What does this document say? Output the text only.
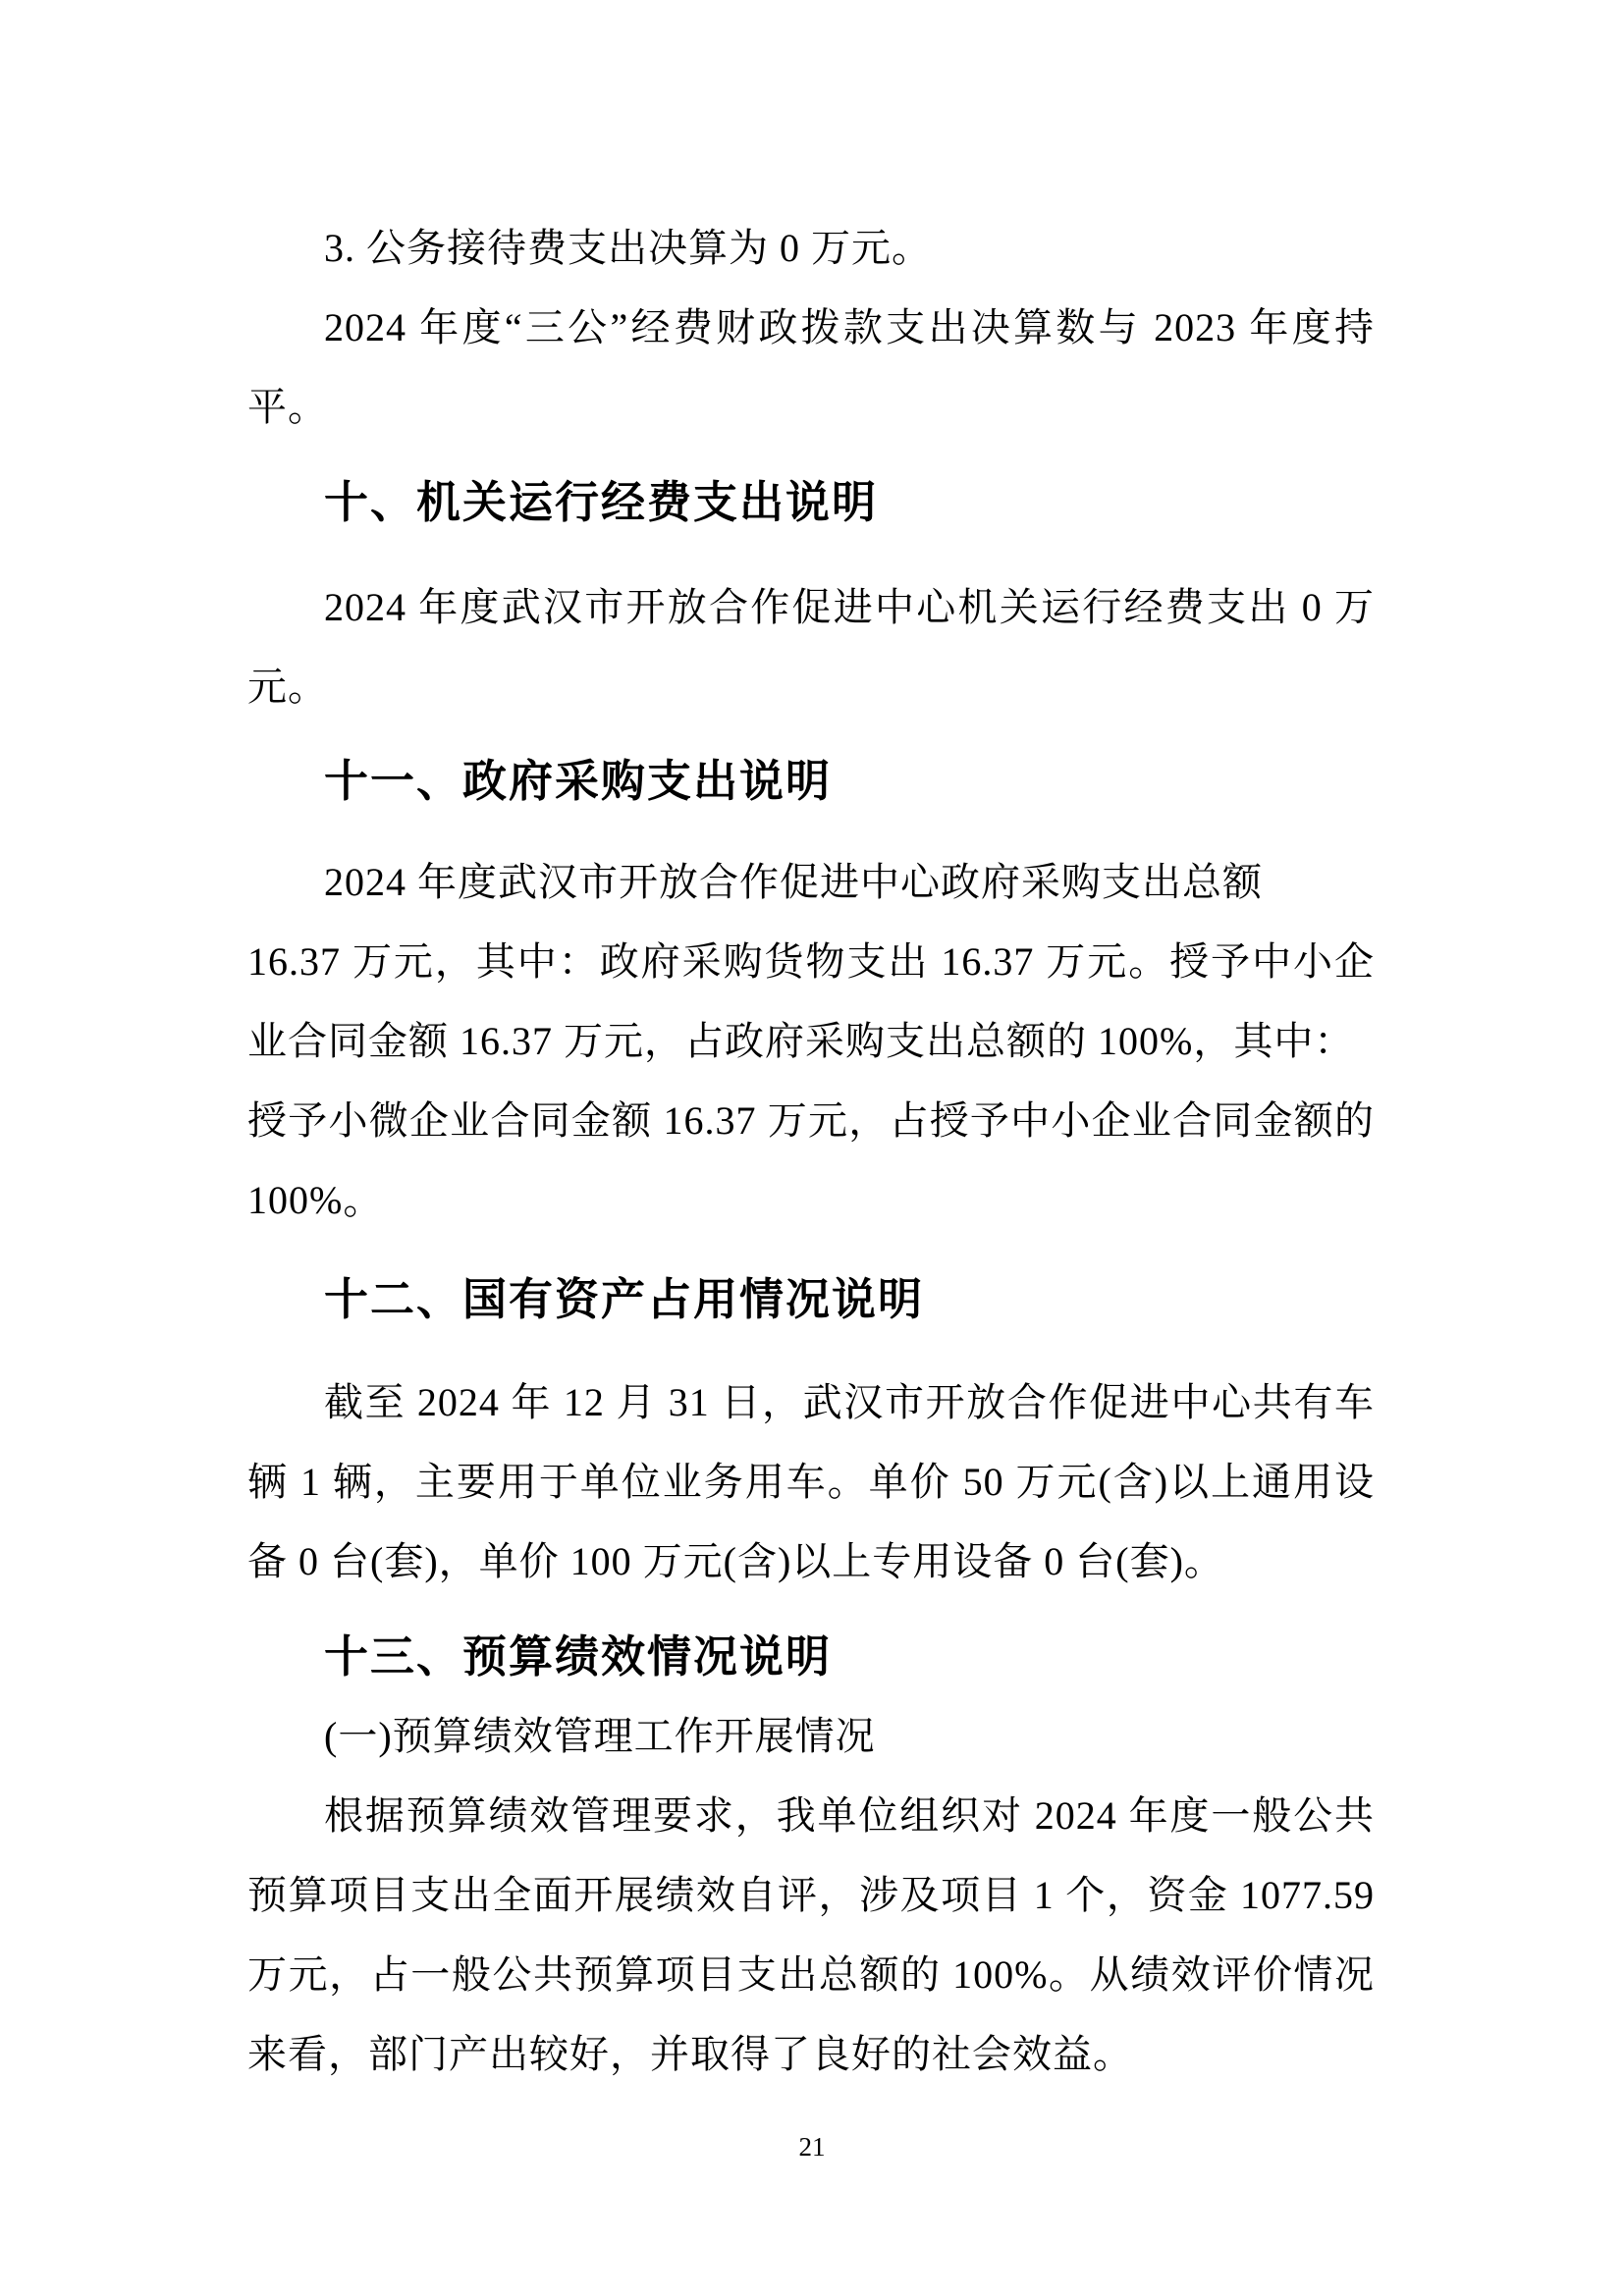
3. 公务接待费支出决算为 0 万元。
2024 年度“三公”经费财政拨款支出决算数与 2023 年度持
平。
十、机关运行经费支出说明
2024 年度武汉市开放合作促进中心机关运行经费支出 0 万
元。
十一、政府采购支出说明
2024 年度武汉市开放合作促进中心政府采购支出总额
16.37 万元，其中：政府采购货物支出 16.37 万元。授予中小企
业合同金额 16.37 万元，占政府采购支出总额的 100%，其中：
授予小微企业合同金额 16.37 万元，占授予中小企业合同金额的
100%。
十二、国有资产占用情况说明
截至 2024 年 12 月 31 日，武汉市开放合作促进中心共有车
辆 1 辆，主要用于单位业务用车。单价 50 万元(含)以上通用设
备 0 台(套)，单价 100 万元(含)以上专用设备 0 台(套)。
十三、预算绩效情况说明
(一)预算绩效管理工作开展情况
根据预算绩效管理要求，我单位组织对 2024 年度一般公共
预算项目支出全面开展绩效自评，涉及项目 1 个，资金 1077.59
万元，占一般公共预算项目支出总额的 100%。从绩效评价情况
来看，部门产出较好，并取得了良好的社会效益。
21
